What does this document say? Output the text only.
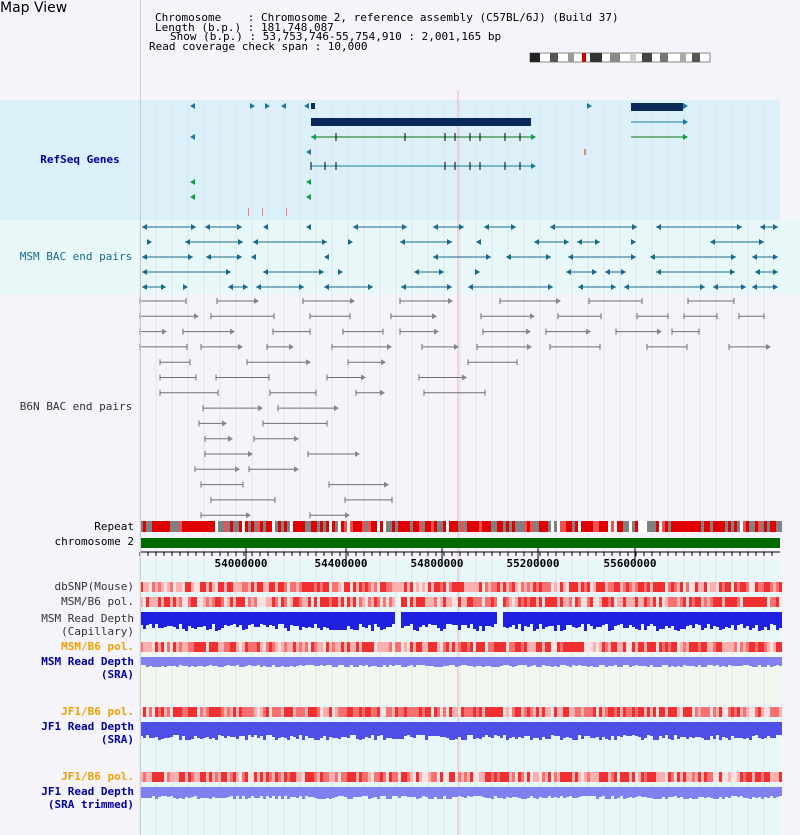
Map View
Chromosome    : Chromosome 2, reference assembly (C57BL/6J) (Build 37)
Length (b.p.) : 181,748,087
Show (b.p.) : 53,753,746-55,754,910 : 2,001,165 bp
Read coverage check span : 10,000
54000000	54400000	54800000	55200000	55600000
RefSeq Genes
MSM BAC end pairs
B6N BAC end pairs
Repeat
chromosome 2
dbSNP(Mouse)
MSM/B6 pol.
MSM Read Depth
(Capillary)
MSM/B6 pol.
MSM Read Depth
(SRA)
JF1/B6 pol.
JF1 Read Depth
(SRA)
JF1/B6 pol.
JF1 Read Depth
(SRA trimmed)
